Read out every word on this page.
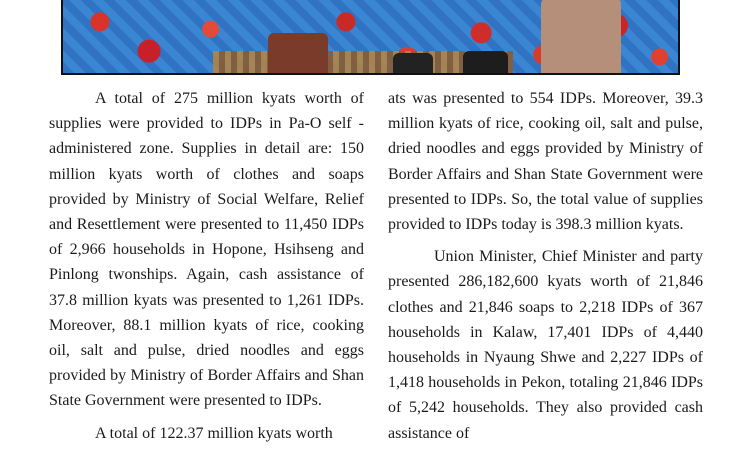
A total of 275 million kyats worth of supplies were provided to IDPs in Pa-O self -administered zone. Supplies in detail are: 150 million kyats worth of clothes and soaps provided by Ministry of Social Welfare, Relief and Resettlement were presented to 11,450 IDPs of 2,966 households in Hopone, Hsihseng and Pinlong twonships. Again, cash assistance of 37.8 million kyats was presented to 1,261 IDPs. Moreover, 88.1 million kyats of rice, cooking oil, salt and pulse, dried noodles and eggs provided by Ministry of Border Affairs and Shan State Government were presented to IDPs.

A total of 122.37 million kyats worth

ats was presented to 554 IDPs. Moreover, 39.3 million kyats of rice, cooking oil, salt and pulse, dried noodles and eggs provided by Ministry of Border Affairs and Shan State Government were presented to IDPs. So, the total value of supplies provided to IDPs today is 398.3 million kyats.

Union Minister, Chief Minister and party presented 286,182,600 kyats worth of 21,846 clothes and 21,846 soaps to 2,218 IDPs of 367 households in Kalaw, 17,401 IDPs of 4,440 households in Nyaung Shwe and 2,227 IDPs of 1,418 households in Pekon, totaling 21,846 IDPs of 5,242 households. They also provided cash assistance of
